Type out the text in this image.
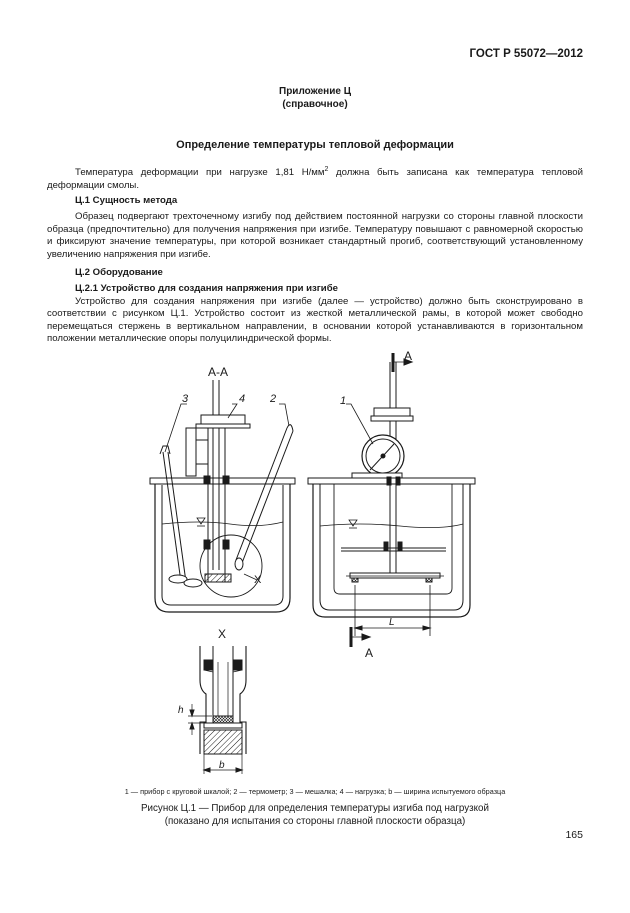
ГОСТ Р 55072—2012
Приложение Ц
(справочное)
Определение температуры тепловой деформации

Температура деформации при нагрузке 1,81 $Н/мм^2$ должна быть записана как температура тепловой деформации смолы.

Ц.1 Сущность метода

Образец подвергают трехточечному изгибу под действием постоянной нагрузки со стороны главной плоскости образца (предпочтительно) для получения напряжения при изгибе. Температуру повышают с равномерной скоростью и фиксируют значение температуры, при которой возникает стандартный прогиб, соответствующий установленному увеличению напряжения при изгибе.

Ц.2 Оборудование

Ц.2.1 Устройство для создания напряжения при изгибе

Устройство для создания напряжения при изгибе (далее — устройство) должно быть сконструировано в соответствии с рисунком Ц.1. Устройство состоит из жесткой металлической рамы, в которой может свободно перемещаться стержень в вертикальном направлении, в основании которой устанавливаются в горизонтальном положении металлические опоры полуцилиндрической формы.

А-А
3	4 2
X
А
А
1
L
X
h
b
1 — прибор с круговой шкалой; 2 — термометр; 3 — мешалка; 4 — нагрузка; b — ширина испытуемого образца
Рисунок Ц.1 — Прибор для определения температуры изгиба под нагрузкой
(показано для испытания со стороны главной плоскости образца)
165
